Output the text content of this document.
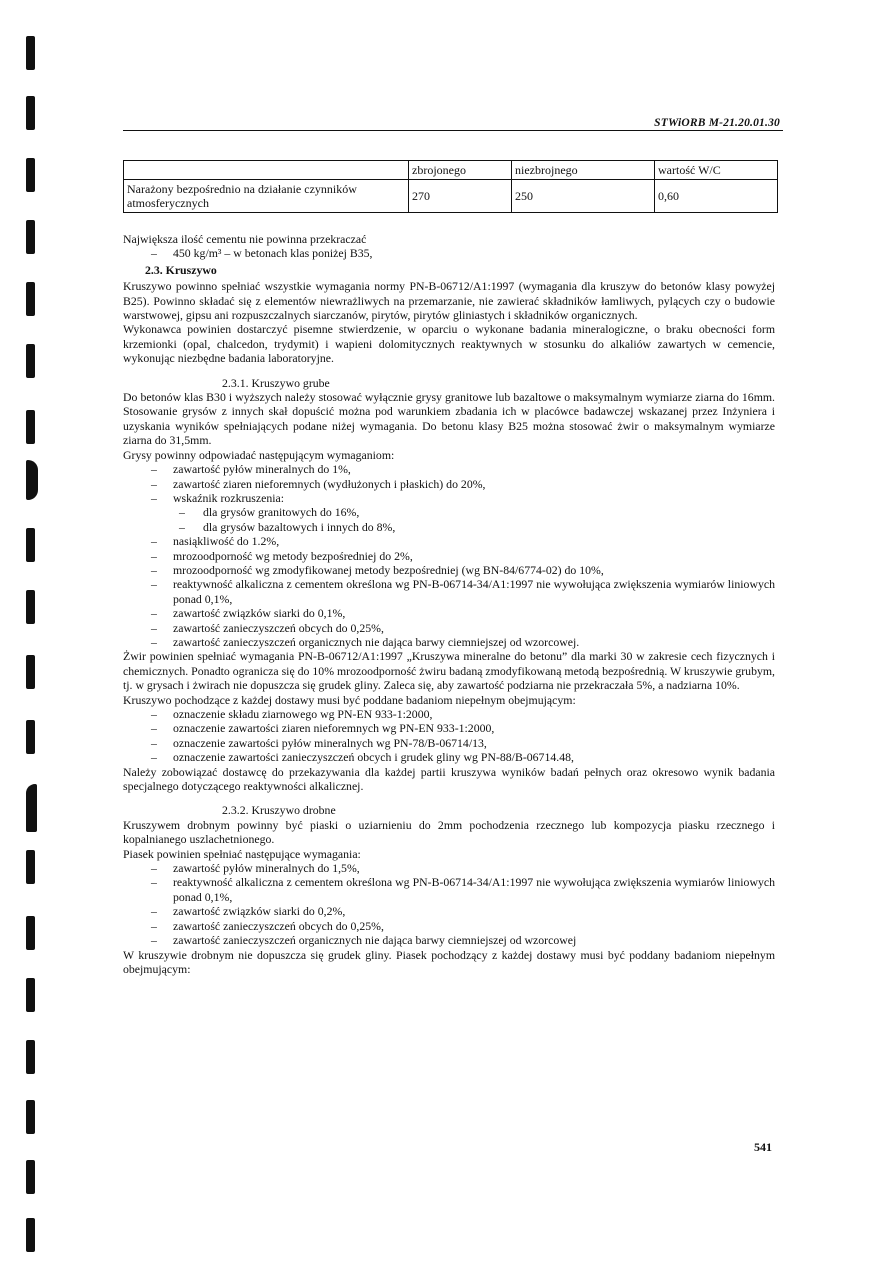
STWiORB M-21.20.01.30
	zbrojonego	niezbrojnego	wartość W/C
Narażony bezpośrednio na działanie czynników atmosferycznych	270	250	0,60

Największa ilość cementu nie powinna przekraczać

– 450 kg/m³ – w betonach klas poniżej B35,

2.3. Kruszywo

Kruszywo powinno spełniać wszystkie wymagania normy PN-B-06712/A1:1997 (wymagania dla kruszyw do betonów klasy powyżej B25). Powinno składać się z elementów niewrażliwych na przemarzanie, nie zawierać składników łamliwych, pylących czy o budowie warstwowej, gipsu ani rozpuszczalnych siarczanów, pirytów, pirytów gliniastych i składników organicznych.

Wykonawca powinien dostarczyć pisemne stwierdzenie, w oparciu o wykonane badania mineralogiczne, o braku obecności form krzemionki (opal, chalcedon, trydymit) i wapieni dolomitycznych reaktywnych w stosunku do alkaliów zawartych w cemencie, wykonując niezbędne badania laboratoryjne.

2.3.1. Kruszywo grube

Do betonów klas B30 i wyższych należy stosować wyłącznie grysy granitowe lub bazaltowe o maksymalnym wymiarze ziarna do 16mm. Stosowanie grysów z innych skał dopuścić można pod warunkiem zbadania ich w placówce badawczej wskazanej przez Inżyniera i uzyskania wyników spełniających podane niżej wymagania. Do betonu klasy B25 można stosować żwir o maksymalnym wymiarze ziarna do 31,5mm.

Grysy powinny odpowiadać następującym wymaganiom:

– zawartość pyłów mineralnych do 1%,
– zawartość ziaren nieforemnych (wydłużonych i płaskich) do 20%,
– wskaźnik rozkruszenia:
– dla grysów granitowych do 16%,
– dla grysów bazaltowych i innych do 8%,
– nasiąkliwość do 1.2%,
– mrozoodporność wg metody bezpośredniej do 2%,
– mrozoodporność wg zmodyfikowanej metody bezpośredniej (wg BN-84/6774-02) do 10%,
– reaktywność alkaliczna z cementem określona wg PN-B-06714-34/A1:1997 nie wywołująca zwiększenia wymiarów liniowych ponad 0,1%,
– zawartość związków siarki do 0,1%,
– zawartość zanieczyszczeń obcych do 0,25%,
– zawartość zanieczyszczeń organicznych nie dająca barwy ciemniejszej od wzorcowej.

Żwir powinien spełniać wymagania PN-B-06712/A1:1997 „Kruszywa mineralne do betonu” dla marki 30 w zakresie cech fizycznych i chemicznych. Ponadto ogranicza się do 10% mrozoodporność żwiru badaną zmodyfikowaną metodą bezpośrednią. W kruszywie grubym, tj. w grysach i żwirach nie dopuszcza się grudek gliny. Zaleca się, aby zawartość podziarna nie przekraczała 5%, a nadziarna 10%.

Kruszywo pochodzące z każdej dostawy musi być poddane badaniom niepełnym obejmującym:

– oznaczenie składu ziarnowego wg PN-EN 933-1:2000,
– oznaczenie zawartości ziaren nieforemnych wg PN-EN 933-1:2000,
– oznaczenie zawartości pyłów mineralnych wg PN-78/B-06714/13,
– oznaczenie zawartości zanieczyszczeń obcych i grudek gliny wg PN-88/B-06714.48,

Należy zobowiązać dostawcę do przekazywania dla każdej partii kruszywa wyników badań pełnych oraz okresowo wynik badania specjalnego dotyczącego reaktywności alkalicznej.

2.3.2. Kruszywo drobne

Kruszywem drobnym powinny być piaski o uziarnieniu do 2mm pochodzenia rzecznego lub kompozycja piasku rzecznego i kopalnianego uszlachetnionego.

Piasek powinien spełniać następujące wymagania:

– zawartość pyłów mineralnych do 1,5%,
– reaktywność alkaliczna z cementem określona wg PN-B-06714-34/A1:1997 nie wywołująca zwiększenia wymiarów liniowych ponad 0,1%,
– zawartość związków siarki do 0,2%,
– zawartość zanieczyszczeń obcych do 0,25%,
– zawartość zanieczyszczeń organicznych nie dająca barwy ciemniejszej od wzorcowej

W kruszywie drobnym nie dopuszcza się grudek gliny. Piasek pochodzący z każdej dostawy musi być poddany badaniom niepełnym obejmującym:

541
